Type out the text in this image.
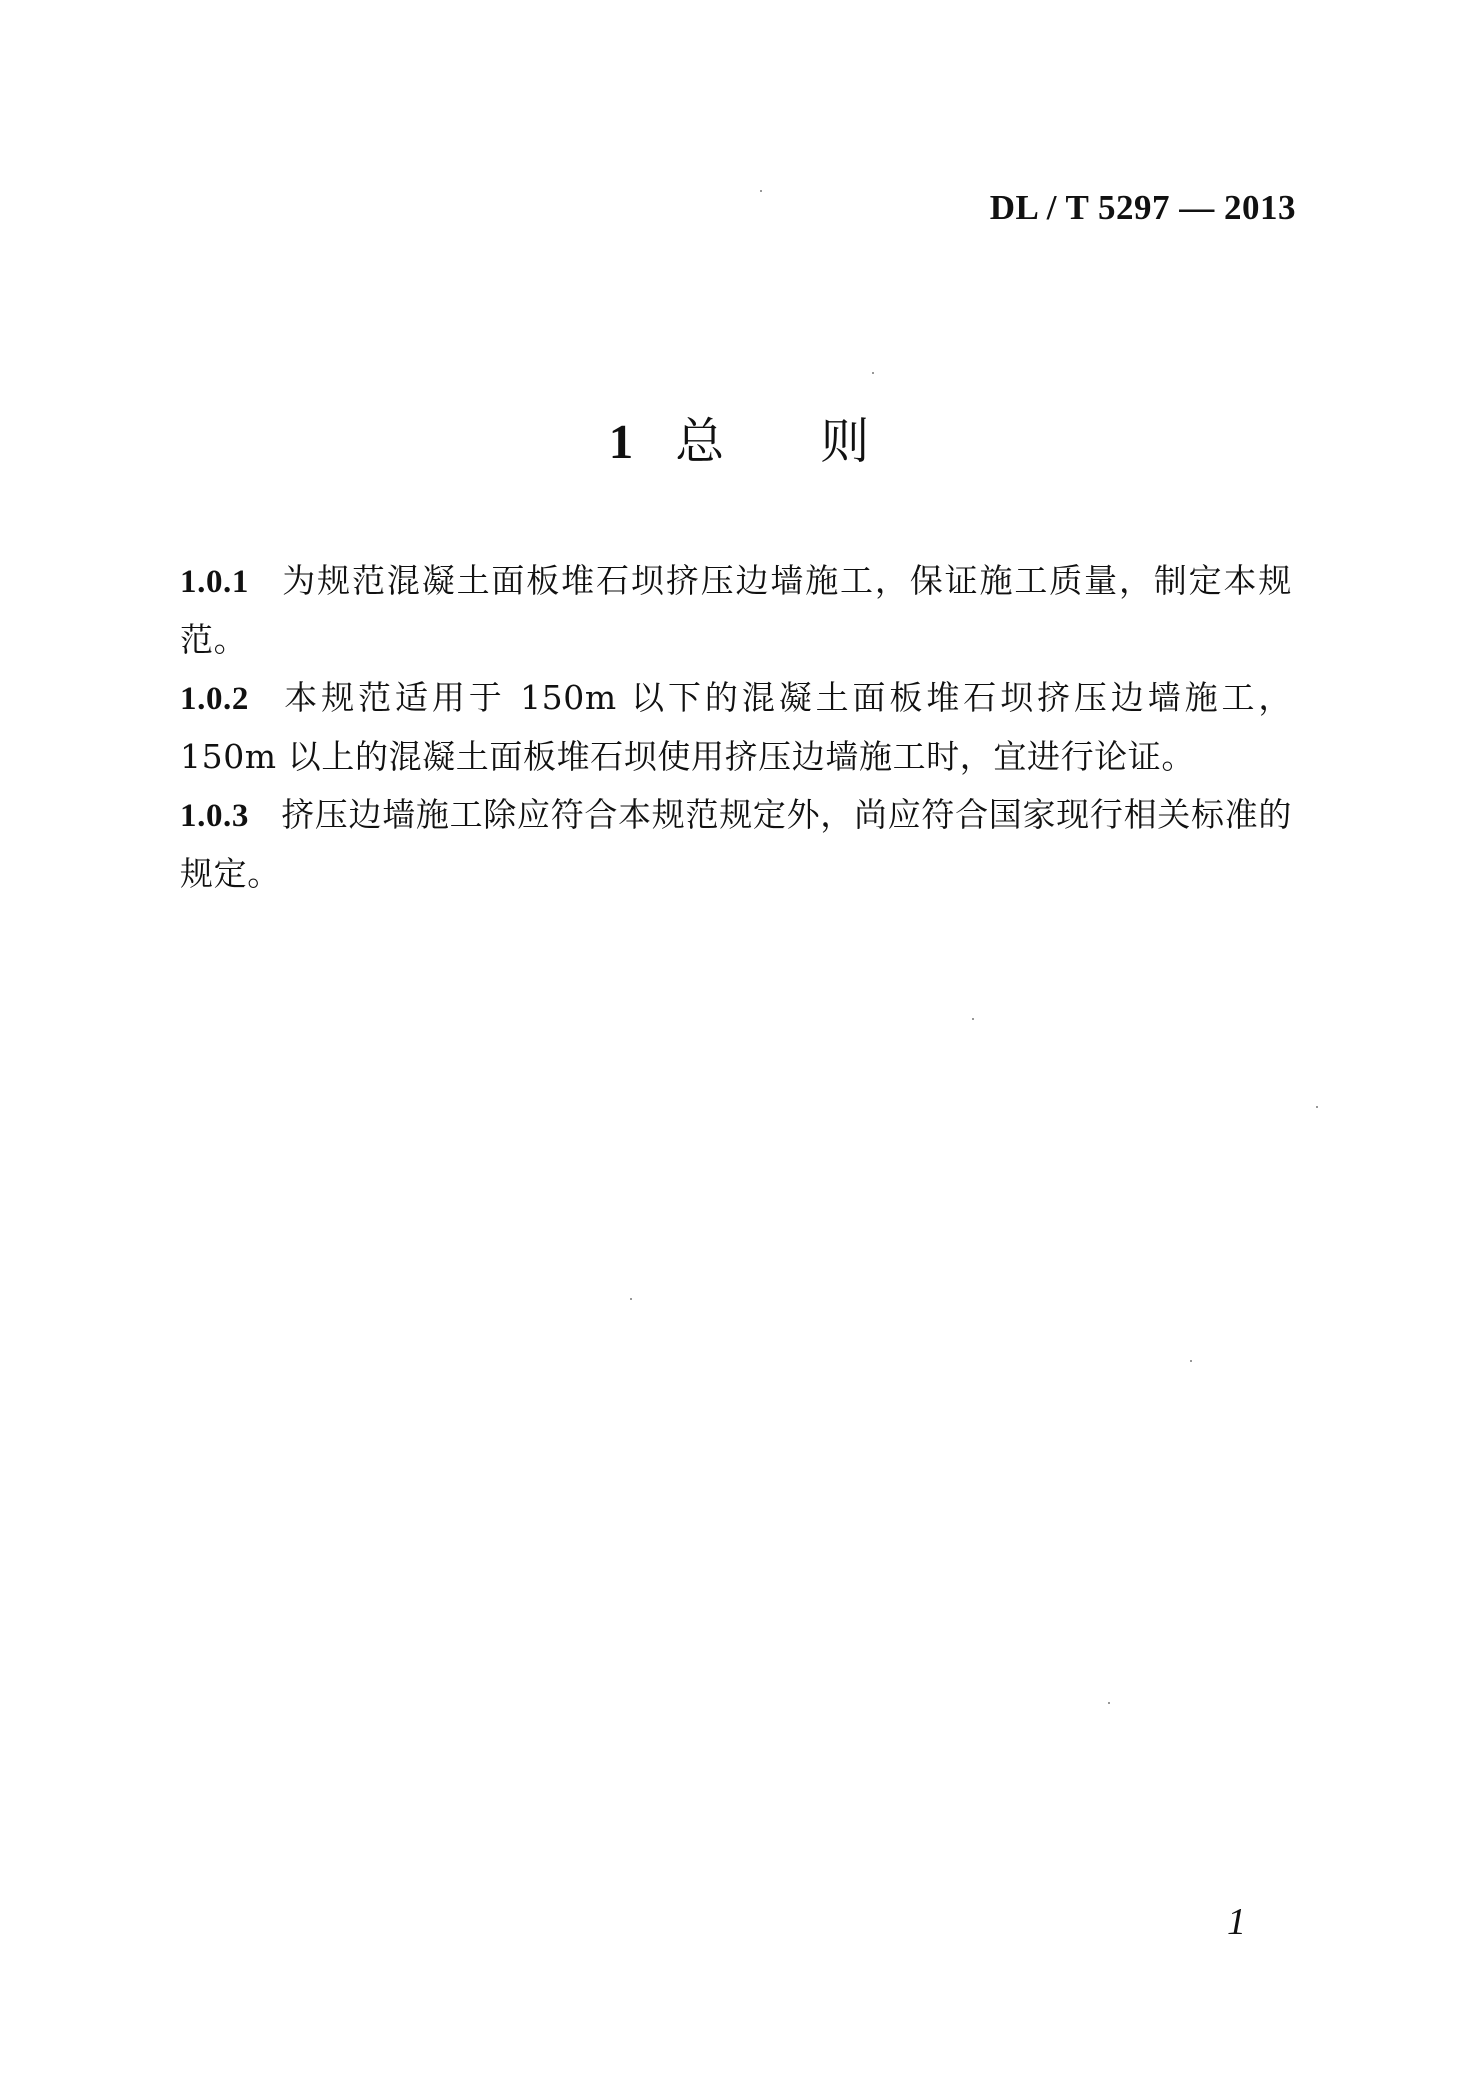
DL / T 5297 — 2013
1 总 则

1.0.1 为规范混凝土面板堆石坝挤压边墙施工，保证施工质量，制定本规范。

1.0.2 本规范适用于 150m 以下的混凝土面板堆石坝挤压边墙施工，150m 以上的混凝土面板堆石坝使用挤压边墙施工时，宜进行论证。

1.0.3 挤压边墙施工除应符合本规范规定外，尚应符合国家现行相关标准的规定。

1
